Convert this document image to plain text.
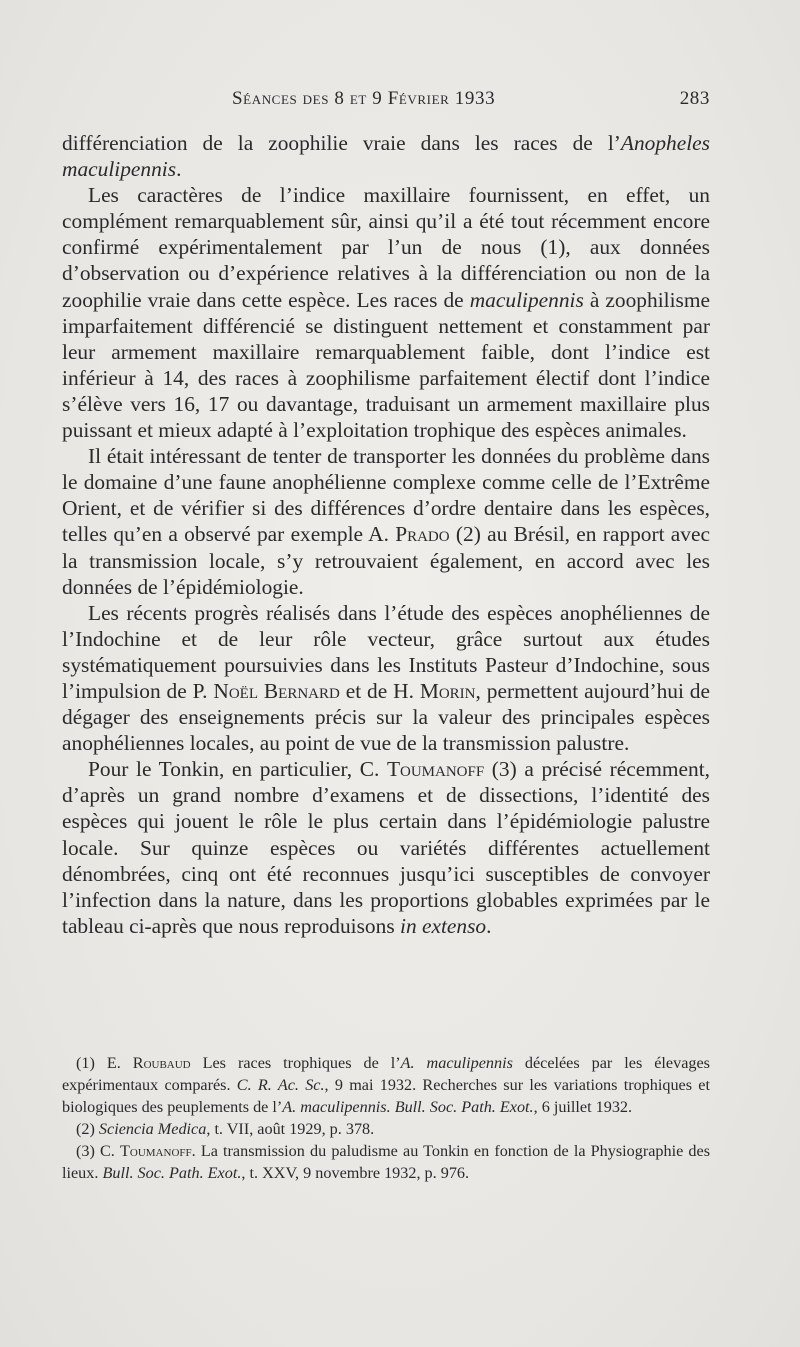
Séances des 8 et 9 Février 1933	283

différenciation de la zoophilie vraie dans les races de l’Anopheles maculipennis.

Les caractères de l’indice maxillaire fournissent, en effet, un complément remarquablement sûr, ainsi qu’il a été tout récemment encore confirmé expérimentalement par l’un de nous (1), aux données d’observation ou d’expérience relatives à la différenciation ou non de la zoophilie vraie dans cette espèce. Les races de maculipennis à zoophilisme imparfaitement différencié se distinguent nettement et constamment par leur armement maxillaire remarquablement faible, dont l’indice est inférieur à 14, des races à zoophilisme parfaitement électif dont l’indice s’élève vers 16, 17 ou davantage, traduisant un armement maxillaire plus puissant et mieux adapté à l’exploitation trophique des espèces animales.

Il était intéressant de tenter de transporter les données du problème dans le domaine d’une faune anophélienne complexe comme celle de l’Extrême Orient, et de vérifier si des différences d’ordre dentaire dans les espèces, telles qu’en a observé par exemple A. Prado (2) au Brésil, en rapport avec la transmission locale, s’y retrouvaient également, en accord avec les données de l’épidémiologie.

Les récents progrès réalisés dans l’étude des espèces anophéliennes de l’Indochine et de leur rôle vecteur, grâce surtout aux études systématiquement poursuivies dans les Instituts Pasteur d’Indochine, sous l’impulsion de P. Noël Bernard et de H. Morin, permettent aujourd’hui de dégager des enseignements précis sur la valeur des principales espèces anophéliennes locales, au point de vue de la transmission palustre.

Pour le Tonkin, en particulier, C. Toumanoff (3) a précisé récemment, d’après un grand nombre d’examens et de dissections, l’identité des espèces qui jouent le rôle le plus certain dans l’épidémiologie palustre locale. Sur quinze espèces ou variétés différentes actuellement dénombrées, cinq ont été reconnues jusqu’ici susceptibles de convoyer l’infection dans la nature, dans les proportions globables exprimées par le tableau ci-après que nous reproduisons in extenso.

(1) E. Roubaud Les races trophiques de l’A. maculipennis décelées par les élevages expérimentaux comparés. C. R. Ac. Sc., 9 mai 1932. Recherches sur les variations trophiques et biologiques des peuplements de l’A. maculipennis. Bull. Soc. Path. Exot., 6 juillet 1932.

(2) Sciencia Medica, t. VII, août 1929, p. 378.

(3) C. Toumanoff. La transmission du paludisme au Tonkin en fonction de la Physiographie des lieux. Bull. Soc. Path. Exot., t. XXV, 9 novembre 1932, p. 976.
